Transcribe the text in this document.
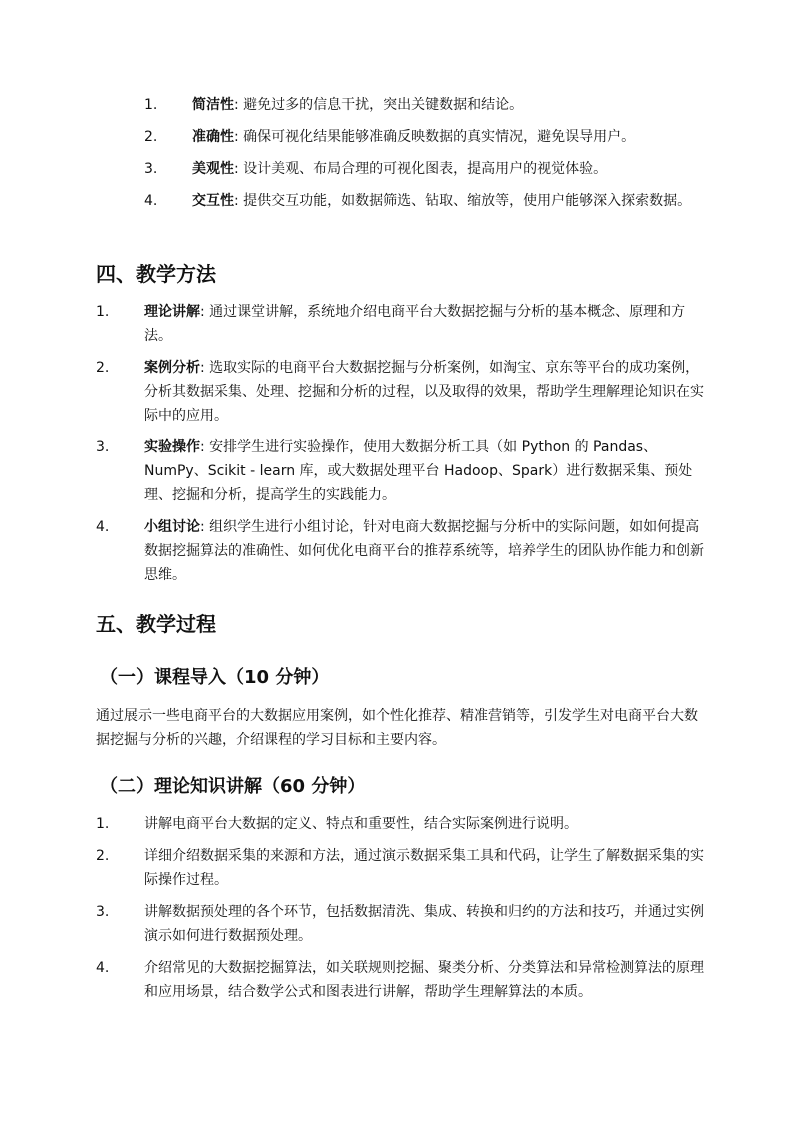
1. 简洁性: 避免过多的信息干扰，突出关键数据和结论。
2. 准确性: 确保可视化结果能够准确反映数据的真实情况，避免误导用户。
3. 美观性: 设计美观、布局合理的可视化图表，提高用户的视觉体验。
4. 交互性: 提供交互功能，如数据筛选、钻取、缩放等，使用户能够深入探索数据。
四、教学方法
1. 理论讲解: 通过课堂讲解，系统地介绍电商平台大数据挖掘与分析的基本概念、原理和方法。
2. 案例分析: 选取实际的电商平台大数据挖掘与分析案例，如淘宝、京东等平台的成功案例，分析其数据采集、处理、挖掘和分析的过程，以及取得的效果，帮助学生理解理论知识在实际中的应用。
3. 实验操作: 安排学生进行实验操作，使用大数据分析工具（如 Python 的 Pandas、NumPy、Scikit - learn 库，或大数据处理平台 Hadoop、Spark）进行数据采集、预处理、挖掘和分析，提高学生的实践能力。
4. 小组讨论: 组织学生进行小组讨论，针对电商大数据挖掘与分析中的实际问题，如如何提高数据挖掘算法的准确性、如何优化电商平台的推荐系统等，培养学生的团队协作能力和创新思维。
五、教学过程
（一）课程导入（10 分钟）
通过展示一些电商平台的大数据应用案例，如个性化推荐、精准营销等，引发学生对电商平台大数据挖掘与分析的兴趣，介绍课程的学习目标和主要内容。
（二）理论知识讲解（60 分钟）
1. 讲解电商平台大数据的定义、特点和重要性，结合实际案例进行说明。
2. 详细介绍数据采集的来源和方法，通过演示数据采集工具和代码，让学生了解数据采集的实际操作过程。
3. 讲解数据预处理的各个环节，包括数据清洗、集成、转换和归约的方法和技巧，并通过实例演示如何进行数据预处理。
4. 介绍常见的大数据挖掘算法，如关联规则挖掘、聚类分析、分类算法和异常检测算法的原理和应用场景，结合数学公式和图表进行讲解，帮助学生理解算法的本质。
